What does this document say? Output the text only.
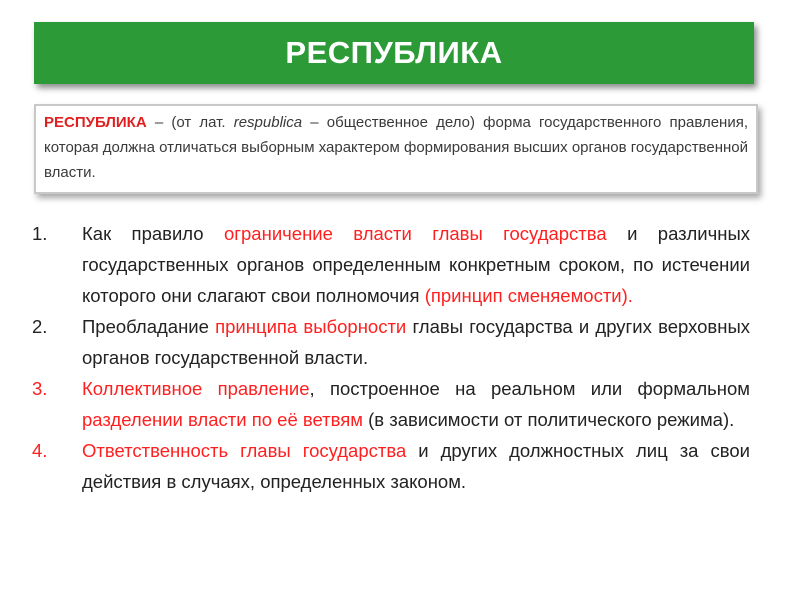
РЕСПУБЛИКА
РЕСПУБЛИКА – (от лат. respublica – общественное дело) форма государственного правления, которая должна отличаться выборным характером формирования высших органов государственной власти.
1.	Как правило ограничение власти главы государства и различных государственных органов определенным конкретным сроком, по истечении которого они слагают свои полномочия (принцип сменяемости).
2.	Преобладание принципа выборности главы государства и других верховных органов государственной власти.
3.	Коллективное правление, построенное на реальном или формальном разделении власти по её ветвям (в зависимости от политического режима).
4.	Ответственность главы государства и других должностных лиц за свои действия в случаях, определенных законом.
